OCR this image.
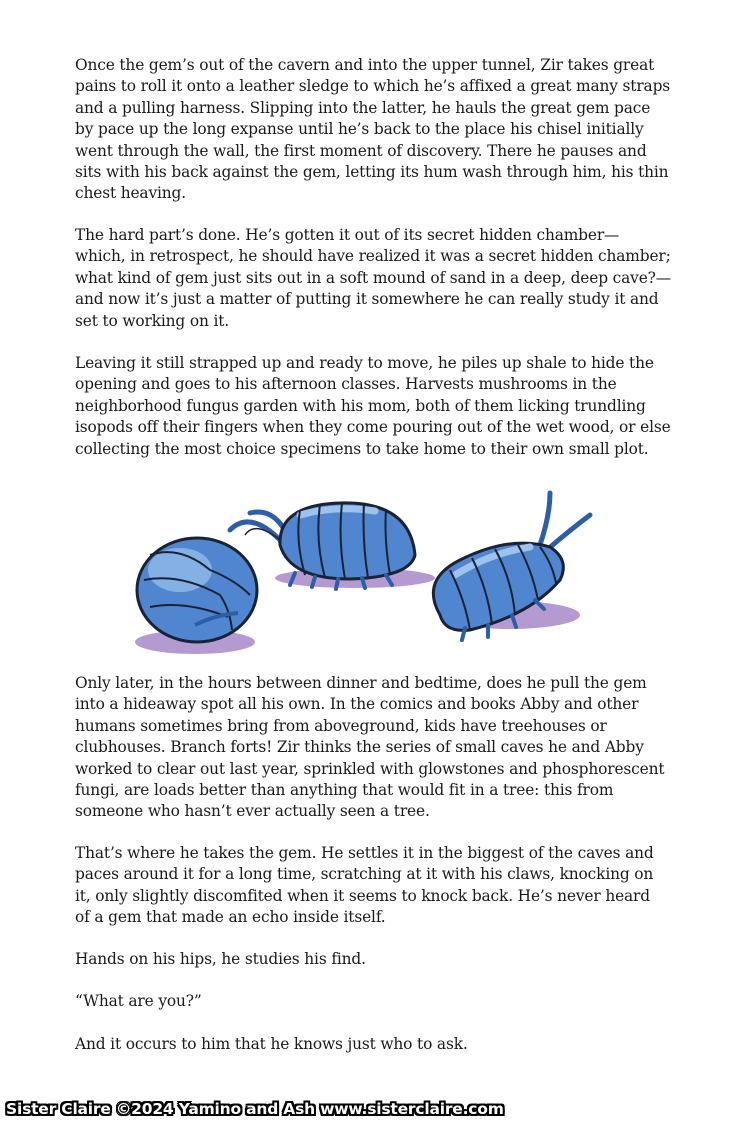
Once the gem’s out of the cavern and into the upper tunnel, Zir takes great
pains to roll it onto a leather sledge to which he’s affixed a great many straps
and a pulling harness. Slipping into the latter, he hauls the great gem pace
by pace up the long expanse until he’s back to the place his chisel initially
went through the wall, the first moment of discovery. There he pauses and
sits with his back against the gem, letting its hum wash through him, his thin
chest heaving.

The hard part’s done. He’s gotten it out of its secret hidden chamber—
which, in retrospect, he should have realized it was a secret hidden chamber;
what kind of gem just sits out in a soft mound of sand in a deep, deep cave?—
and now it’s just a matter of putting it somewhere he can really study it and
set to working on it.

Leaving it still strapped up and ready to move, he piles up shale to hide the
opening and goes to his afternoon classes. Harvests mushrooms in the
neighborhood fungus garden with his mom, both of them licking trundling
isopods off their fingers when they come pouring out of the wet wood, or else
collecting the most choice specimens to take home to their own small plot.

Only later, in the hours between dinner and bedtime, does he pull the gem
into a hideaway spot all his own. In the comics and books Abby and other
humans sometimes bring from aboveground, kids have treehouses or
clubhouses. Branch forts! Zir thinks the series of small caves he and Abby
worked to clear out last year, sprinkled with glowstones and phosphorescent
fungi, are loads better than anything that would fit in a tree: this from
someone who hasn’t ever actually seen a tree.

That’s where he takes the gem. He settles it in the biggest of the caves and
paces around it for a long time, scratching at it with his claws, knocking on
it, only slightly discomfited when it seems to knock back. He’s never heard
of a gem that made an echo inside itself.

Hands on his hips, he studies his find.

“What are you?”

And it occurs to him that he knows just who to ask.

Sister Claire ©2024 Yamino and Ash www.sisterclaire.com
